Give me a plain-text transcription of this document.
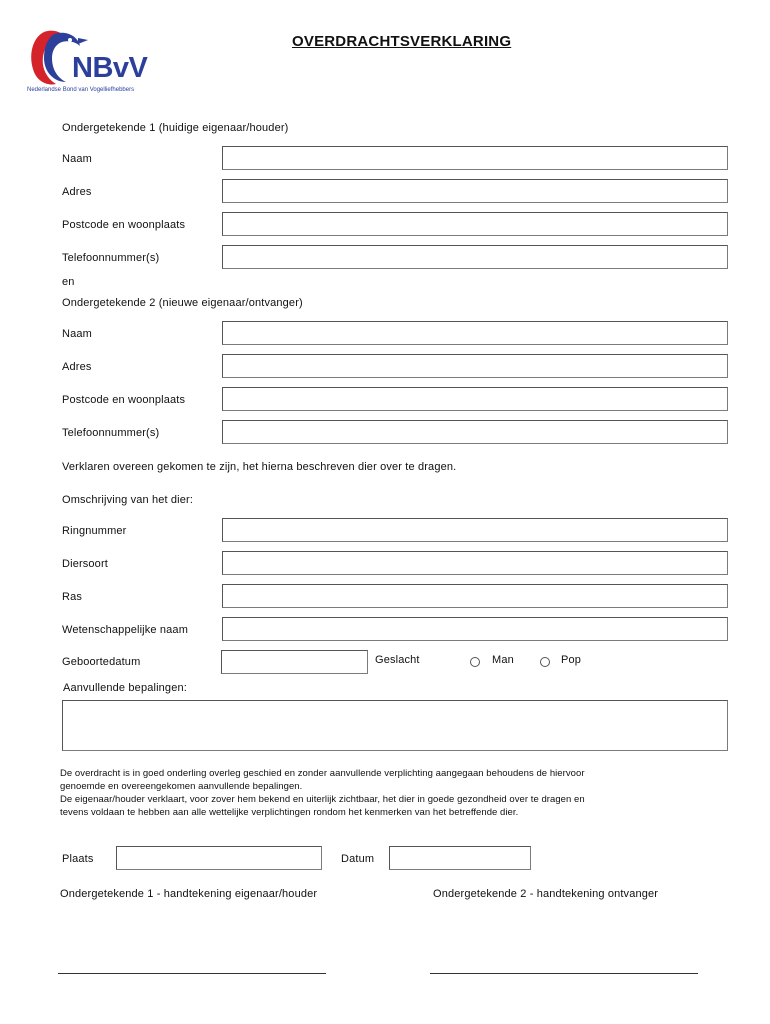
NBvV
Nederlandse Bond van Vogelliefhebbers
OVERDRACHTSVERKLARING
Ondergetekende 1 (huidige eigenaar/houder)
Naam
Adres
Postcode en woonplaats
Telefoonnummer(s)
en
Ondergetekende 2 (nieuwe eigenaar/ontvanger)
Naam
Adres
Postcode en woonplaats
Telefoonnummer(s)
Verklaren overeen gekomen te zijn, het hierna beschreven dier over te dragen.
Omschrijving van het dier:
Ringnummer
Diersoort
Ras
Wetenschappelijke naam
Geboortedatum	Geslacht	Man	Pop
Aanvullende bepalingen:
De overdracht is in goed onderling overleg geschied en zonder aanvullende verplichting aangegaan behoudens de hiervoor
genoemde en overeengekomen aanvullende bepalingen.
De eigenaar/houder verklaart, voor zover hem bekend en uiterlijk zichtbaar, het dier in goede gezondheid over te dragen en
tevens voldaan te hebben aan alle wettelijke verplichtingen rondom het kenmerken van het betreffende dier.
Plaats	Datum
Ondergetekende 1 - handtekening eigenaar/houder	Ondergetekende 2 - handtekening ontvanger
